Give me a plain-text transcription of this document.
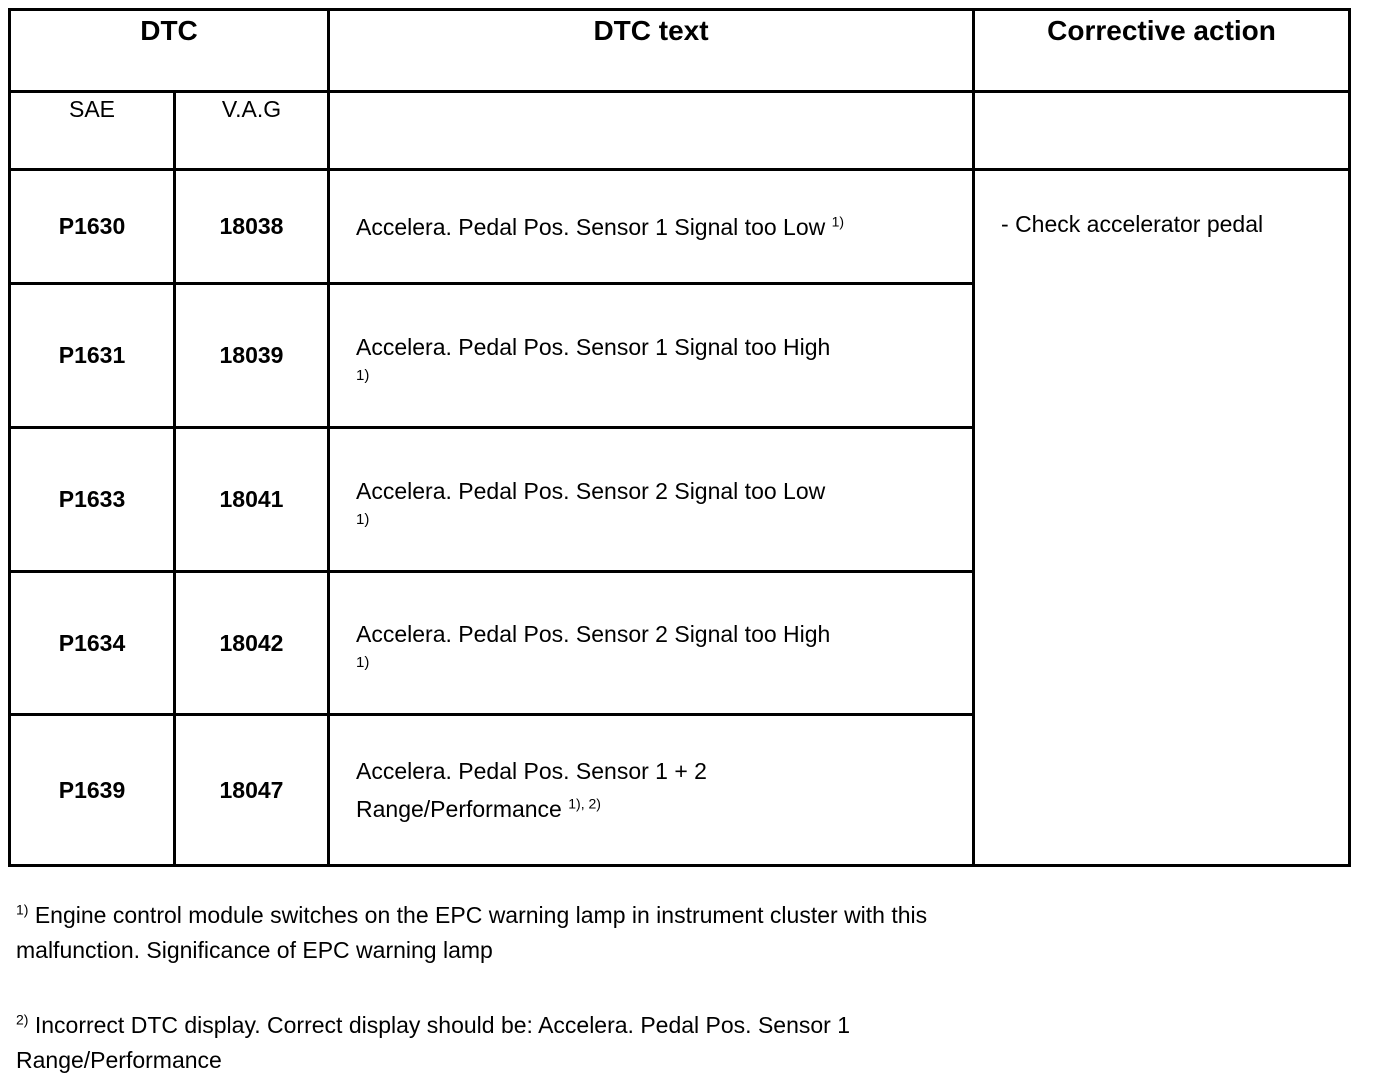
DTC		DTC text	Corrective action
SAE	V.A.G		
P1630	18038	Accelera. Pedal Pos. Sensor 1 Signal too Low $^{1)}$	- Check accelerator pedal
P1631	18039	Accelera. Pedal Pos. Sensor 1 Signal too High
1)	

P1633	18041	Accelera. Pedal Pos. Sensor 2 Signal too Low
1)	

P1634	18042	Accelera. Pedal Pos. Sensor 2 Signal too High
1)	

P1639	18047	Accelera. Pedal Pos. Sensor 1 + 2
Range/Performance $^{1), 2)}$
$^{1)}$ Engine control module switches on the EPC warning lamp in instrument cluster with this
malfunction. Significance of EPC warning lamp
$^{2)}$ Incorrect DTC display. Correct display should be: Accelera. Pedal Pos. Sensor 1
Range/Performance
